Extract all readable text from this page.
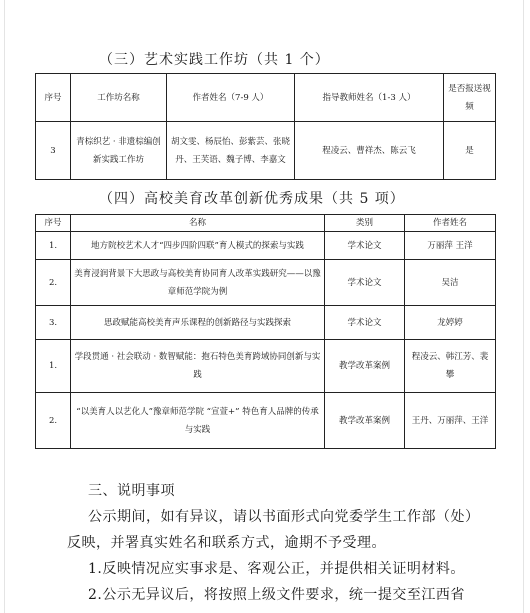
（三）艺术实践工作坊（共 1 个）
序号	工作坊名称	作者姓名（7-9 人）	指导教师姓名（1-3 人）	是否报送视频
3	青棕织艺 · 非遗棕编创新实践工作坊	胡文雯、杨辰怡、彭紫芸、张晓丹、王芙语、魏子博、李嘉文	程凌云、曹祥杰、陈云飞	是
（四）高校美育改革创新优秀成果（共 5 项）
序号	名称	类别	作者姓名
1.	地方院校艺术人才“四步四阶四联”育人模式的探索与实践	学术论文	万丽萍 王洋
2.	美育浸润背景下大思政与高校美育协同育人改革实践研究——以豫章师范学院为例	学术论文	吴洁
3.	思政赋能高校美育声乐课程的创新路径与实践探索	学术论文	龙婷婷
1.	学段贯通 · 社会联动 · 数智赋能：抱石特色美育跨域协同创新与实践	教学改革案例	程凌云、韩江芳、裴攀
2.	“以美育人以艺化人”豫章师范学院 “宣萱+” 特色育人品牌的传承与实践	教学改革案例	王丹、万丽萍、王洋
三、说明事项
公示期间，如有异议，请以书面形式向党委学生工作部（处）
反映，并署真实姓名和联系方式，逾期不予受理。
1.反映情况应实事求是、客观公正，并提供相关证明材料。
2.公示无异议后，将按照上级文件要求，统一提交至江西省
